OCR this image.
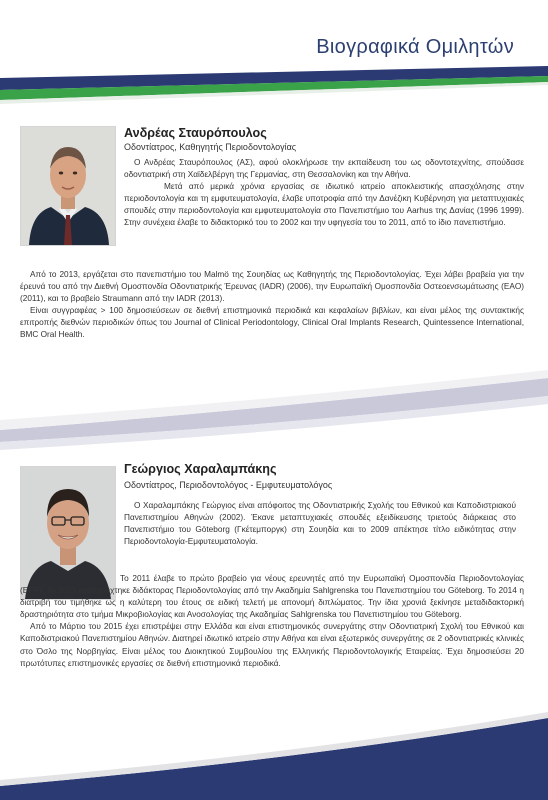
Βιογραφικά Ομιλητών
Ανδρέας Σταυρόπουλος
Οδοντίατρος, Καθηγητής Περιοδοντολογίας

Ο Ανδρέας Σταυρόπουλος (ΑΣ), αφού ολοκλήρωσε την εκπαίδευση του ως οδοντοτεχνίτης, σπούδασε οδοντιατρική στη Χαϊδελβέργη της Γερμανίας, στη Θεσσαλονίκη και την Αθήνα.

Μετά από μερικά χρόνια εργασίας σε ιδιωτικό ιατρείο αποκλειστικής απασχόλησης στην περιοδοντολογία και τη εμφυτευματολογία, έλαβε υποτροφία από την Δανέζικη Κυβέρνηση για μεταπτυχιακές σπουδές στην περιοδοντολογία και εμφυτευματολογία στο Πανεπιστήμιο του Aarhus της Δανίας (1996 1999). Στην συνέχεια έλαβε το διδακτορικό του το 2002 και την υφηγεσία του το 2011, από το ίδιο πανεπιστήμιο.

Από το 2013, εργάζεται στο πανεπιστήμιο του Malmö της Σουηδίας ως Καθηγητής της Περιοδοντολογίας. Έχει λάβει βραβεία για την έρευνά του από την Διεθνή Ομοσπονδία Οδοντιατρικής Έρευνας (IADR) (2006), την Ευρωπαϊκή Ομοσπονδία Οστεοενσωμάτωσης (EAO) (2011), και το βραβείο Straumann από την IADR (2013).

Είναι συγγραφέας > 100 δημοσιεύσεων σε διεθνή επιστημονικά περιοδικά και κεφαλαίων βιβλίων, και είναι μέλος της συντακτικής επιτροπής διεθνών περιοδικών όπως του Journal of Clinical Periodontology, Clinical Oral Implants Research, Quintessence International, BMC Oral Health.

Γεώργιος Χαραλαμπάκης
Οδοντίατρος, Περιοδοντολόγος - Εμφυτευματολόγος

Ο Χαραλαμπάκης Γεώργιος είναι απόφοιτος της Οδοντιατρικής Σχολής του Εθνικού και Καποδιστριακού Πανεπιστημίου Αθηνών (2002). Έκανε μεταπτυχιακές σπουδές εξειδίκευσης τριετούς διάρκειας στο Πανεπιστήμιο του Göteborg (Γκέτεμποργκ) στη Σουηδία και το 2009 απέκτησε τίτλο ειδικότητας στην Περιοδοντολογία-Εμφυτευματολογία.

Το 2011 έλαβε το πρώτο βραβείο για νέους ερευνητές από την Ευρωπαϊκή Ομοσπονδία Περιοδοντολογίας (EFP). Το 2013 ανακηρύχτηκε διδάκτορας Περιοδοντολογίας από την Ακαδημία Sahlgrenska του Πανεπιστημίου του Göteborg. Το 2014 η διατριβή του τιμήθηκε ως η καλύτερη του έτους σε ειδική τελετή με απονομή διπλώματος. Την ίδια χρονιά ξεκίνησε μεταδιδακτορική δραστηριότητα στο τμήμα Μικροβιολογίας και Ανοσολογίας της Ακαδημίας Sahlgrenska του Πανεπιστημίου του Göteborg.

Από το Μάρτιο του 2015 έχει επιστρέψει στην Ελλάδα και είναι επιστημονικός συνεργάτης στην Οδοντιατρική Σχολή του Εθνικού και Καποδιστριακού Πανεπιστημίου Αθηνών. Διατηρεί ιδιωτικό ιατρείο στην Αθήνα και είναι εξωτερικός συνεργάτης σε 2 οδοντιατρικές κλινικές στο Όσλο της Νορβηγίας. Είναι μέλος του Διοικητικού Συμβουλίου της Ελληνικής Περιοδοντολογικής Εταιρείας. Έχει δημοσιεύσει 20 πρωτότυπες επιστημονικές εργασίες σε διεθνή επιστημονικά περιοδικά.
